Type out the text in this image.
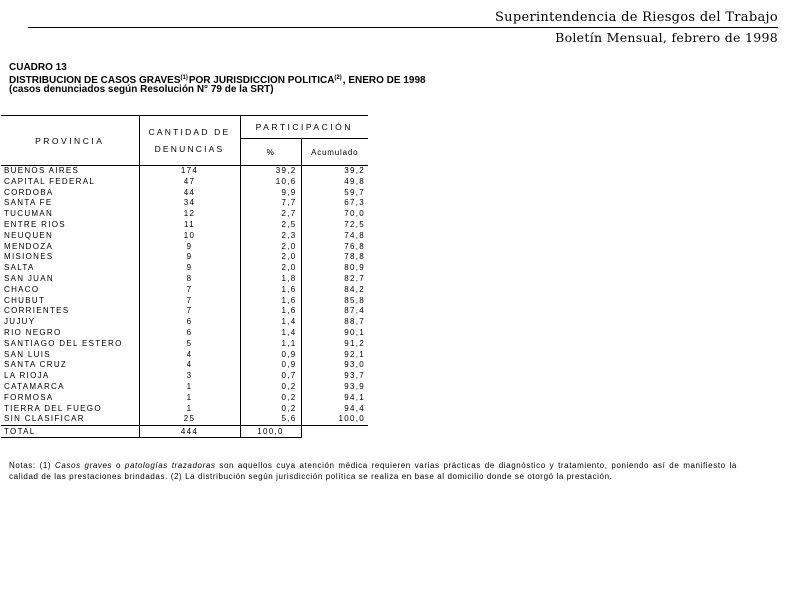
Superintendencia de Riesgos del Trabajo
Boletín Mensual, febrero de 1998
CUADRO 13
DISTRIBUCION DE CASOS GRAVES$^{(1)}$POR JURISDICCION POLITICA$^{(2)}$, ENERO DE 1998
(casos denunciados según Resolución N° 79 de la SRT)
PROVINCIA	CANTIDAD DE DENUNCIAS	PARTICIPACIÓN	
		%	Acumulado
BUENOS AIRES	174	39,2	39,2
CAPITAL FEDERAL	47	10,6	49,8
CORDOBA	44	9,9	59,7
SANTA FE	34	7,7	67,3
TUCUMAN	12	2,7	70,0
ENTRE RIOS	11	2,5	72,5
NEUQUEN	10	2,3	74,8
MENDOZA	9	2,0	76,8
MISIONES	9	2,0	78,8
SALTA	9	2,0	80,9
SAN JUAN	8	1,8	82,7
CHACO	7	1,6	84,2
CHUBUT	7	1,6	85,8
CORRIENTES	7	1,6	87,4
JUJUY	6	1,4	88,7
RIO NEGRO	6	1,4	90,1
SANTIAGO DEL ESTERO	5	1,1	91,2
SAN LUIS	4	0,9	92,1
SANTA CRUZ	4	0,9	93,0
LA RIOJA	3	0,7	93,7
CATAMARCA	1	0,2	93,9
FORMOSA	1	0,2	94,1
TIERRA DEL FUEGO	1	0,2	94,4
SIN CLASIFICAR	25	5,6	100,0
TOTAL	444	100,0	
Notas: (1) Casos graves o patologías trazadoras son aquellos cuya atención médica requieren varias prácticas de diagnóstico y tratamiento, poniendo así de manifiesto la calidad de las prestaciones brindadas. (2) La distribución según jurisdicción política se realiza en base al domicilio donde se otorgó la prestación.
